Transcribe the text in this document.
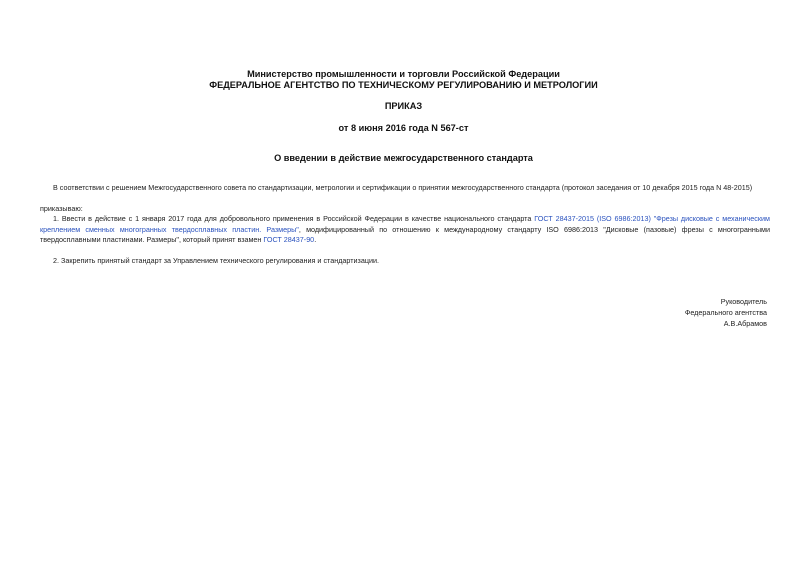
Министерство промышленности и торговли Российской Федерации
ФЕДЕРАЛЬНОЕ АГЕНТСТВО ПО ТЕХНИЧЕСКОМУ РЕГУЛИРОВАНИЮ И МЕТРОЛОГИИ
ПРИКАЗ
от 8 июня 2016 года N 567-ст
О введении в действие межгосударственного стандарта
В соответствии с решением Межгосударственного совета по стандартизации, метрологии и сертификации о принятии межгосударственного стандарта (протокол заседания от 10 декабря 2015 года N 48-2015)
приказываю:
1. Ввести в действие с 1 января 2017 года для добровольного применения в Российской Федерации в качестве национального стандарта ГОСТ 28437-2015 (ISO 6986:2013) "Фрезы дисковые с механическим креплением сменных многогранных твердосплавных пластин. Размеры", модифицированный по отношению к международному стандарту ISO 6986:2013 "Дисковые (пазовые) фрезы с многогранными твердосплавными пластинами. Размеры", который принят взамен ГОСТ 28437-90.
2. Закрепить принятый стандарт за Управлением технического регулирования и стандартизации.
Руководитель
Федерального агентства
А.В.Абрамов
